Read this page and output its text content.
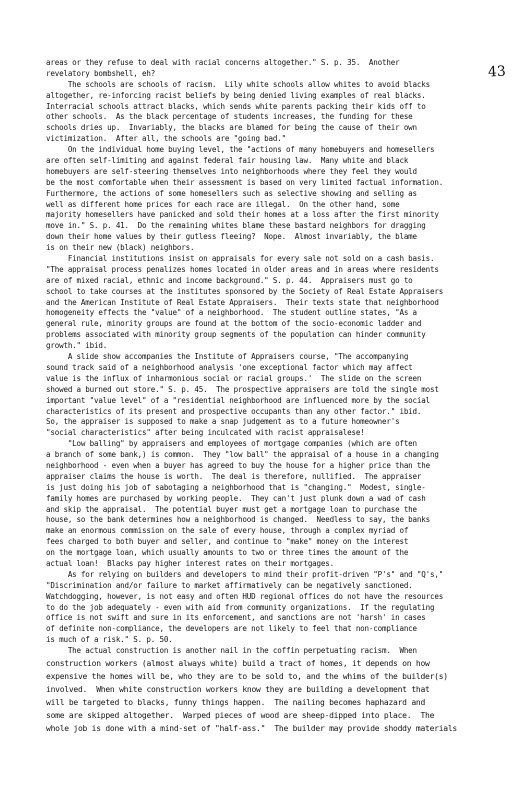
43
areas or they refuse to deal with racial concerns altogether." S. p. 35.  Another
revelatory bombshell, eh?
The schools are schools of racism.  Lily white schools allow whites to avoid blacks
altogether, re-inforcing racist beliefs by being denied living examples of real blacks.
Interracial schools attract blacks, which sends white parents packing their kids off to
other schools.  As the black percentage of students increases, the funding for these
schools dries up.  Invariably, the blacks are blamed for being the cause of their own
victimization.  After all, the schools are "going bad."
On the individual home buying level, the "actions of many homebuyers and homesellers
are often self-limiting and against federal fair housing law.  Many white and black
homebuyers are self-steering themselves into neighborhoods where they feel they would
be the most comfortable when their assessment is based on very limited factual information.
Furthermore, the actions of some homesellers such as selective showing and selling as
well as different home prices for each race are illegal.  On the other hand, some
majority homesellers have panicked and sold their homes at a loss after the first minority
move in." S. p. 41.  Do the remaining whites blame these bastard neighbors for dragging
down their home values by their gutless fleeing?  Nope.  Almost invariably, the blame
is on their new (black) neighbors.
Financial institutions insist on appraisals for every sale not sold on a cash basis.
"The appraisal process penalizes homes located in older areas and in areas where residents
are of mixed racial, ethnic and income background." S. p. 44.  Appraisers must go to
school to take courses at the institutes sponsored by the Society of Real Estate Appraisers
and the American Institute of Real Estate Appraisers.  Their texts state that neighborhood
homogeneity effects the "value" of a neighborhood.  The student outline states, "As a
general rule, minority groups are found at the bottom of the socio-economic ladder and
problems associated with minority group segments of the population can hinder community
growth." ibid.
A slide show accompanies the Institute of Appraisers course, "The accompanying
sound track said of a neighborhood analysis 'one exceptional factor which may affect
value is the influx of inharmonious social or racial groups.'  The slide on the screen
showed a burned out store." S. p. 45.  The prospective appraisers are told the single most
important "value level" of a "residential neighborhood are influenced more by the social
characteristics of its present and prospective occupants than any other factor." ibid.
So, the appraiser is supposed to make a snap judgement as to a future homeowner's
"social characteristics" after being inculcated with racist appraisalese!
"Low balling" by appraisers and employees of mortgage companies (which are often
a branch of some bank,) is common.  They "low ball" the appraisal of a house in a changing
neighborhood - even when a buyer has agreed to buy the house for a higher price than the
appraiser claims the house is worth.  The deal is therefore, nullified.  The appraiser
is just doing his job of sabotaging a neighborhood that is "changing."  Modest, single-
family homes are purchased by working people.  They can't just plunk down a wad of cash
and skip the appraisal.  The potential buyer must get a mortgage loan to purchase the
house, so the bank determines how a neighborhood is changed.  Needless to say, the banks
make an enormous commission on the sale of every house, through a complex myriad of
fees charged to both buyer and seller, and continue to "make" money on the interest
on the mortgage loan, which usually amounts to two or three times the amount of the
actual loan!  Blacks pay higher interest rates on their mortgages.
As for relying on builders and developers to mind their profit-driven "P's" and "Q's,"
"Discrimination and/or failure to market affirmatively can be negatively sanctioned.
Watchdogging, however, is not easy and often HUD regional offices do not have the resources
to do the job adequately - even with aid from community organizations.  If the regulating
office is not swift and sure in its enforcement, and sanctions are not 'harsh' in cases
of definite non-compliance, the developers are not likely to feel that non-compliance
is much of a risk." S. p. 50.
The actual construction is another nail in the coffin perpetuating racism.  When
construction workers (almost always white) build a tract of homes, it depends on how
expensive the homes will be, who they are to be sold to, and the whims of the builder(s)
involved.  When white construction workers know they are building a development that
will be targeted to blacks, funny things happen.  The nailing becomes haphazard and
some are skipped altogether.  Warped pieces of wood are sheep-dipped into place.  The
whole job is done with a mind-set of "half-ass."  The builder may provide shoddy materials
